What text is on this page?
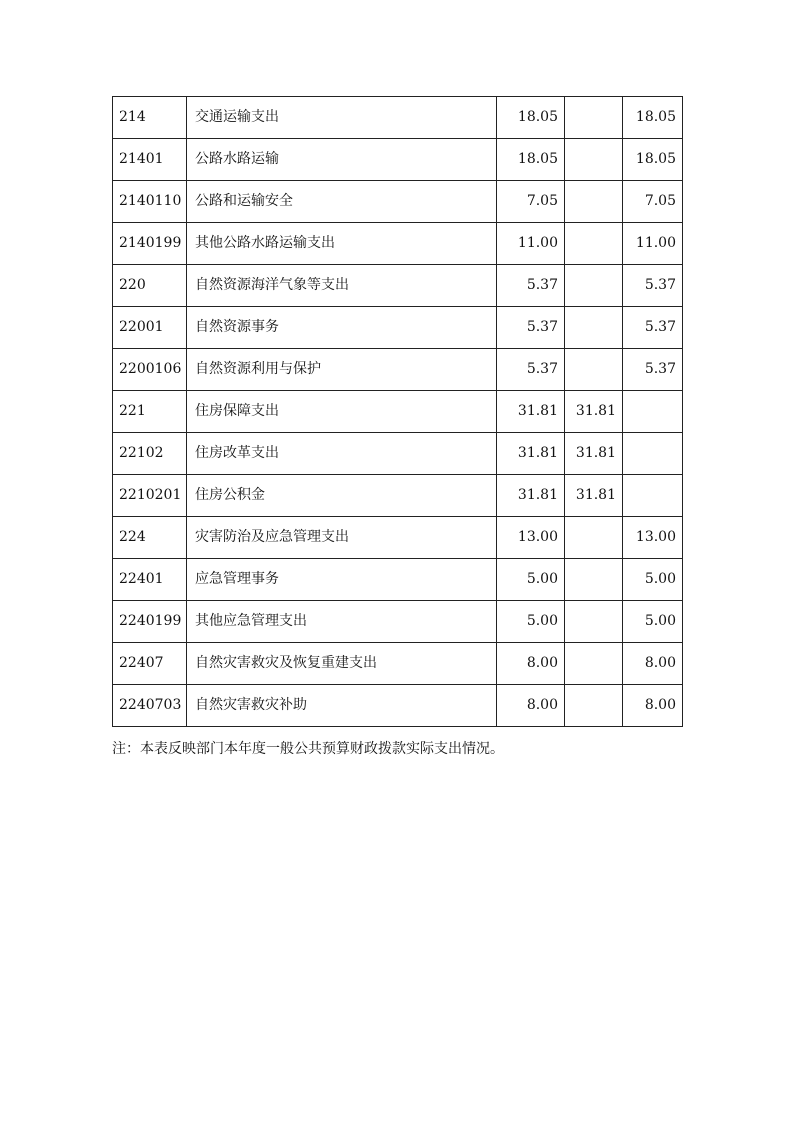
214	交通运输支出	18.05		18.05
21401	公路水路运输	18.05		18.05
2140110	公路和运输安全	7.05		7.05
2140199	其他公路水路运输支出	11.00		11.00
220	自然资源海洋气象等支出	5.37		5.37
22001	自然资源事务	5.37		5.37
2200106	自然资源利用与保护	5.37		5.37
221	住房保障支出	31.81	31.81	
22102	住房改革支出	31.81	31.81	
2210201	住房公积金	31.81	31.81	
224	灾害防治及应急管理支出	13.00		13.00
22401	应急管理事务	5.00		5.00
2240199	其他应急管理支出	5.00		5.00
22407	自然灾害救灾及恢复重建支出	8.00		8.00
2240703	自然灾害救灾补助	8.00		8.00
注：本表反映部门本年度一般公共预算财政拨款实际支出情况。
